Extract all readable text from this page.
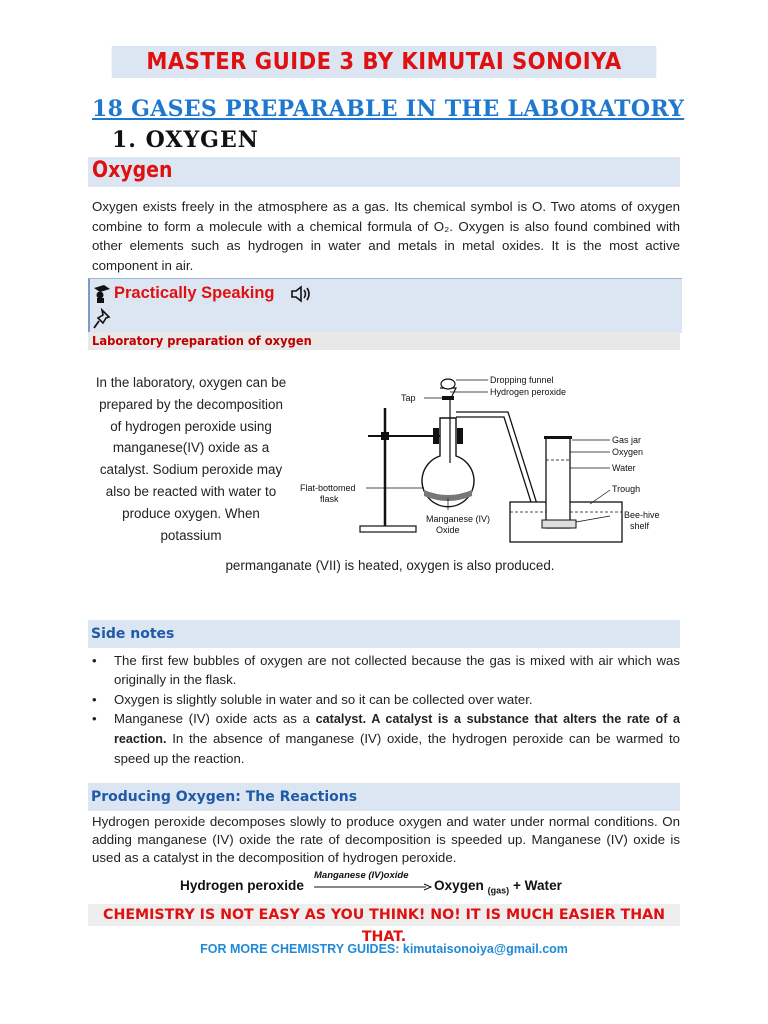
MASTER GUIDE 3 BY KIMUTAI SONOIYA
18 GASES PREPARABLE IN THE LABORATORY
1. OXYGEN
Oxygen
Oxygen exists freely in the atmosphere as a gas. Its chemical symbol is O. Two atoms of oxygen combine to form a molecule with a chemical formula of O₂. Oxygen is also found combined with other elements such as hydrogen in water and metals in metal oxides. It is the most active component in air.
Practically Speaking
Laboratory preparation of oxygen
In the laboratory, oxygen can be prepared by the decomposition of hydrogen peroxide using manganese(IV) oxide as a catalyst. Sodium peroxide may also be reacted with water to produce oxygen. When potassium
permanganate (VII) is heated, oxygen is also produced.
Dropping funnel
Hydrogen peroxide
Tap
Gas jar
Oxygen
Water
Trough
Flat-bottomed
flask
Manganese (IV)
Oxide
Bee-hive
shelf
Side notes
• The first few bubbles of oxygen are not collected because the gas is mixed with air which was originally in the flask.
• Oxygen is slightly soluble in water and so it can be collected over water.
• Manganese (IV) oxide acts as a catalyst. A catalyst is a substance that alters the rate of a reaction. In the absence of manganese (IV) oxide, the hydrogen peroxide can be warmed to speed up the reaction.
Producing Oxygen: The Reactions
Hydrogen peroxide decomposes slowly to produce oxygen and water under normal conditions. On adding manganese (IV) oxide the rate of decomposition is speeded up. Manganese (IV) oxide is used as a catalyst in the decomposition of hydrogen peroxide.
Hydrogen peroxide
Manganese (IV)oxide
Oxygen $_{(gas)}$ + Water
CHEMISTRY IS NOT EASY AS YOU THINK! NO! IT IS MUCH EASIER THAN THAT.
FOR MORE CHEMISTRY GUIDES: kimutaisonoiya@gmail.com
